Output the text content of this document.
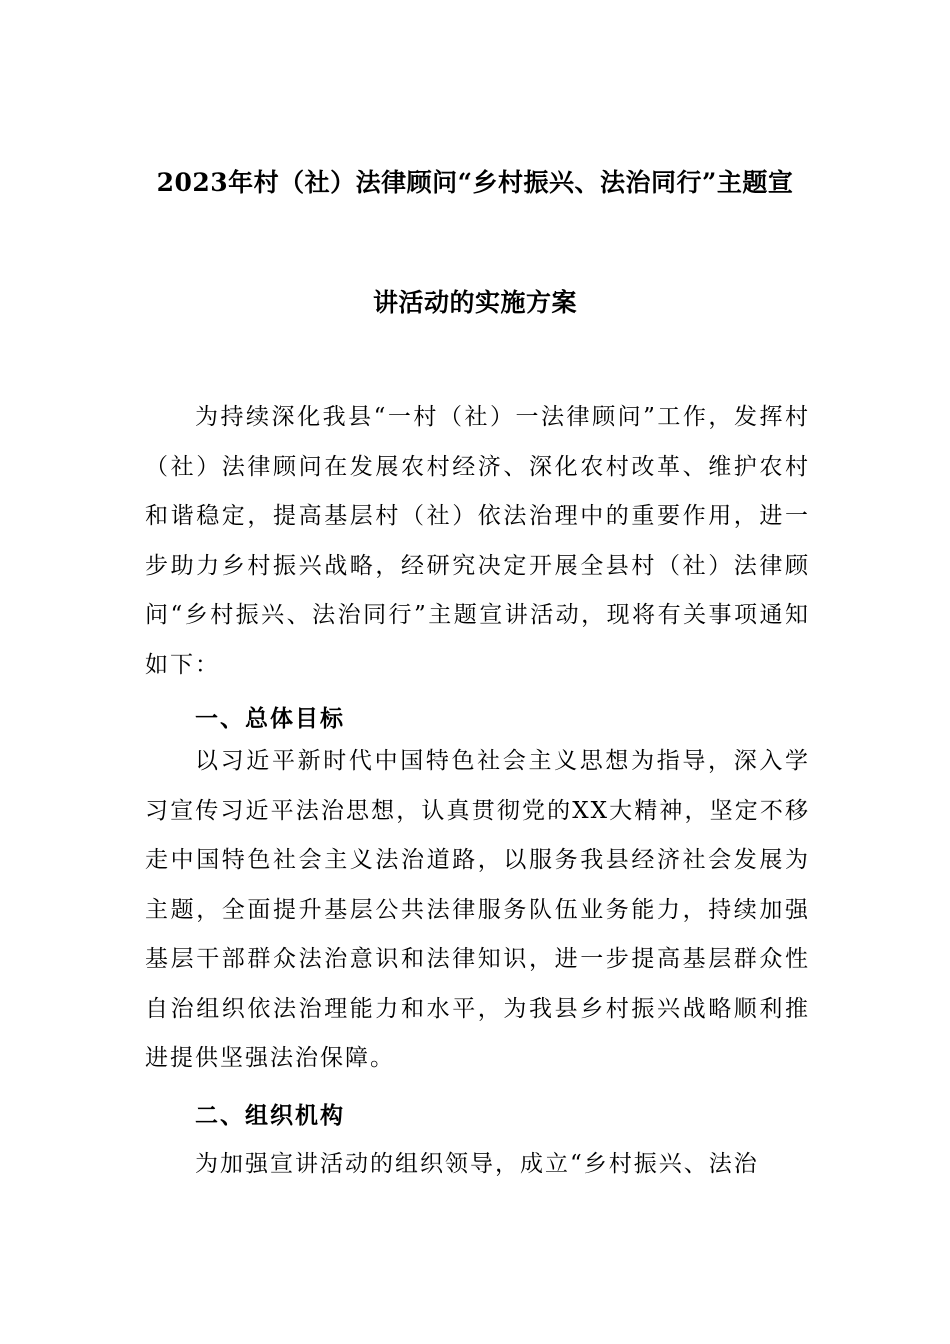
2023年村（社）法律顾问“乡村振兴、法治同行”主题宣
讲活动的实施方案
为持续深化我县“一村（社）一法律顾问”工作，发挥村（社）法律顾问在发展农村经济、深化农村改革、维护农村和谐稳定，提高基层村（社）依法治理中的重要作用，进一步助力乡村振兴战略，经研究决定开展全县村（社）法律顾问“乡村振兴、法治同行”主题宣讲活动，现将有关事项通知如下：
一、总体目标
以习近平新时代中国特色社会主义思想为指导，深入学习宣传习近平法治思想，认真贯彻党的XX大精神，坚定不移走中国特色社会主义法治道路，以服务我县经济社会发展为主题，全面提升基层公共法律服务队伍业务能力，持续加强基层干部群众法治意识和法律知识，进一步提高基层群众性自治组织依法治理能力和水平，为我县乡村振兴战略顺利推进提供坚强法治保障。
二、组织机构
为加强宣讲活动的组织领导，成立“乡村振兴、法治
